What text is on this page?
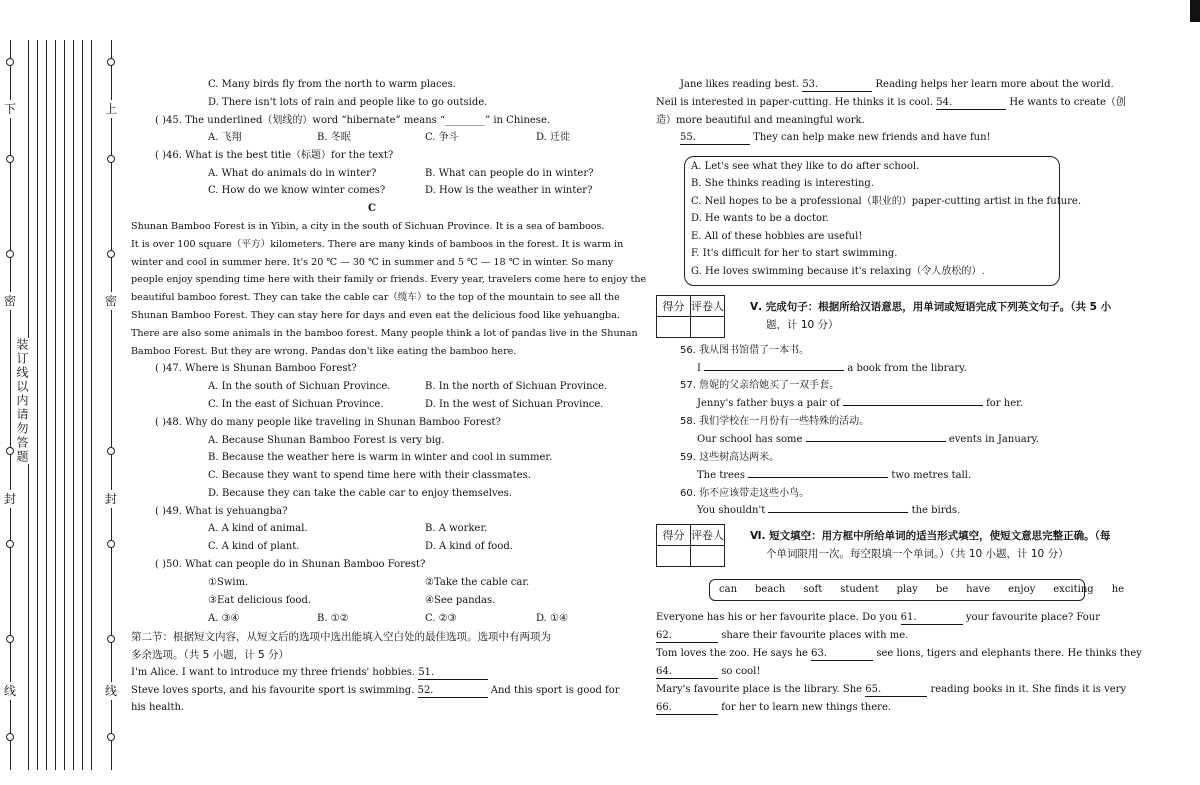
下
密
封
线
上
密
封
线
装订线以内请勿答题
C. Many birds fly from the north to warm places.
D. There isn't lots of rain and people like to go outside.
( )45. The underlined（划线的）word “hibernate” means “________” in Chinese.
A. 飞翔	B. 冬眠	C. 争斗	D. 迁徙
( )46. What is the best title（标题）for the text?
A. What do animals do in winter?	B. What can people do in winter?
C. How do we know winter comes?	D. How is the weather in winter?
C
Shunan Bamboo Forest is in Yibin, a city in the south of Sichuan Province. It is a sea of bamboos.
It is over 100 square（平方）kilometers. There are many kinds of bamboos in the forest. It is warm in
winter and cool in summer here. It's 20 ℃ — 30 ℃ in summer and 5 ℃ — 18 ℃ in winter. So many
people enjoy spending time here with their family or friends. Every year, travelers come here to enjoy the
beautiful bamboo forest. They can take the cable car（缆车）to the top of the mountain to see all the
Shunan Bamboo Forest. They can stay here for days and even eat the delicious food like yehuangba.
There are also some animals in the bamboo forest. Many people think a lot of pandas live in the Shunan
Bamboo Forest. But they are wrong. Pandas don't like eating the bamboo here.
( )47. Where is Shunan Bamboo Forest?
A. In the south of Sichuan Province.	B. In the north of Sichuan Province.
C. In the east of Sichuan Province.	D. In the west of Sichuan Province.
( )48. Why do many people like traveling in Shunan Bamboo Forest?
A. Because Shunan Bamboo Forest is very big.
B. Because the weather here is warm in winter and cool in summer.
C. Because they want to spend time here with their classmates.
D. Because they can take the cable car to enjoy themselves.
( )49. What is yehuangba?
A. A kind of animal.	B. A worker.
C. A kind of plant.	D. A kind of food.
( )50. What can people do in Shunan Bamboo Forest?
①Swim.	②Take the cable car.
③Eat delicious food.	④See pandas.
A. ③④	B. ①②	C. ②③	D. ①④
第二节：根据短文内容，从短文后的选项中选出能填入空白处的最佳选项。选项中有两项为
多余选项。（共 5 小题，计 5 分）
I'm Alice. I want to introduce my three friends' hobbies. 51.
Steve loves sports, and his favourite sport is swimming. 52.	And this sport is good for
his health.
Jane likes reading best. 53.	Reading helps her learn more about the world.
Neil is interested in paper-cutting. He thinks it is cool. 54.	He wants to create（创
造）more beautiful and meaningful work.
55.	They can help make new friends and have fun!
A. Let's see what they like to do after school.
B. She thinks reading is interesting.
C. Neil hopes to be a professional（职业的）paper-cutting artist in the future.
D. He wants to be a doctor.
E. All of these hobbies are useful!
F. It's difficult for her to start swimming.
G. He loves swimming because it's relaxing（令人放松的）.
得分	评卷人
	Ⅴ. 完成句子：根据所给汉语意思，用单词或短语完成下列英文句子。（共 5 小
题，计 10 分）
56. 我从图书馆借了一本书。
I	a book from the library.
57. 詹妮的父亲给她买了一双手套。
Jenny's father buys a pair of	for her.
58. 我们学校在一月份有一些特殊的活动。
Our school has some	events in January.
59. 这些树高达两米。
The trees	two metres tall.
60. 你不应该带走这些小鸟。
You shouldn't	the birds.
得分	评卷人
	Ⅵ. 短文填空：用方框中所给单词的适当形式填空，使短文意思完整正确。（每
个单词限用一次。每空限填一个单词。）（共 10 小题，计 10 分）
can beach soft student play be have enjoy exciting he
Everyone has his or her favourite place. Do you 61.	your favourite place? Four
62.	share their favourite places with me.
Tom loves the zoo. He says he 63.	see lions, tigers and elephants there. He thinks they
64.	so cool!
Mary's favourite place is the library. She 65.	reading books in it. She finds it is very
66.	for her to learn new things there.
